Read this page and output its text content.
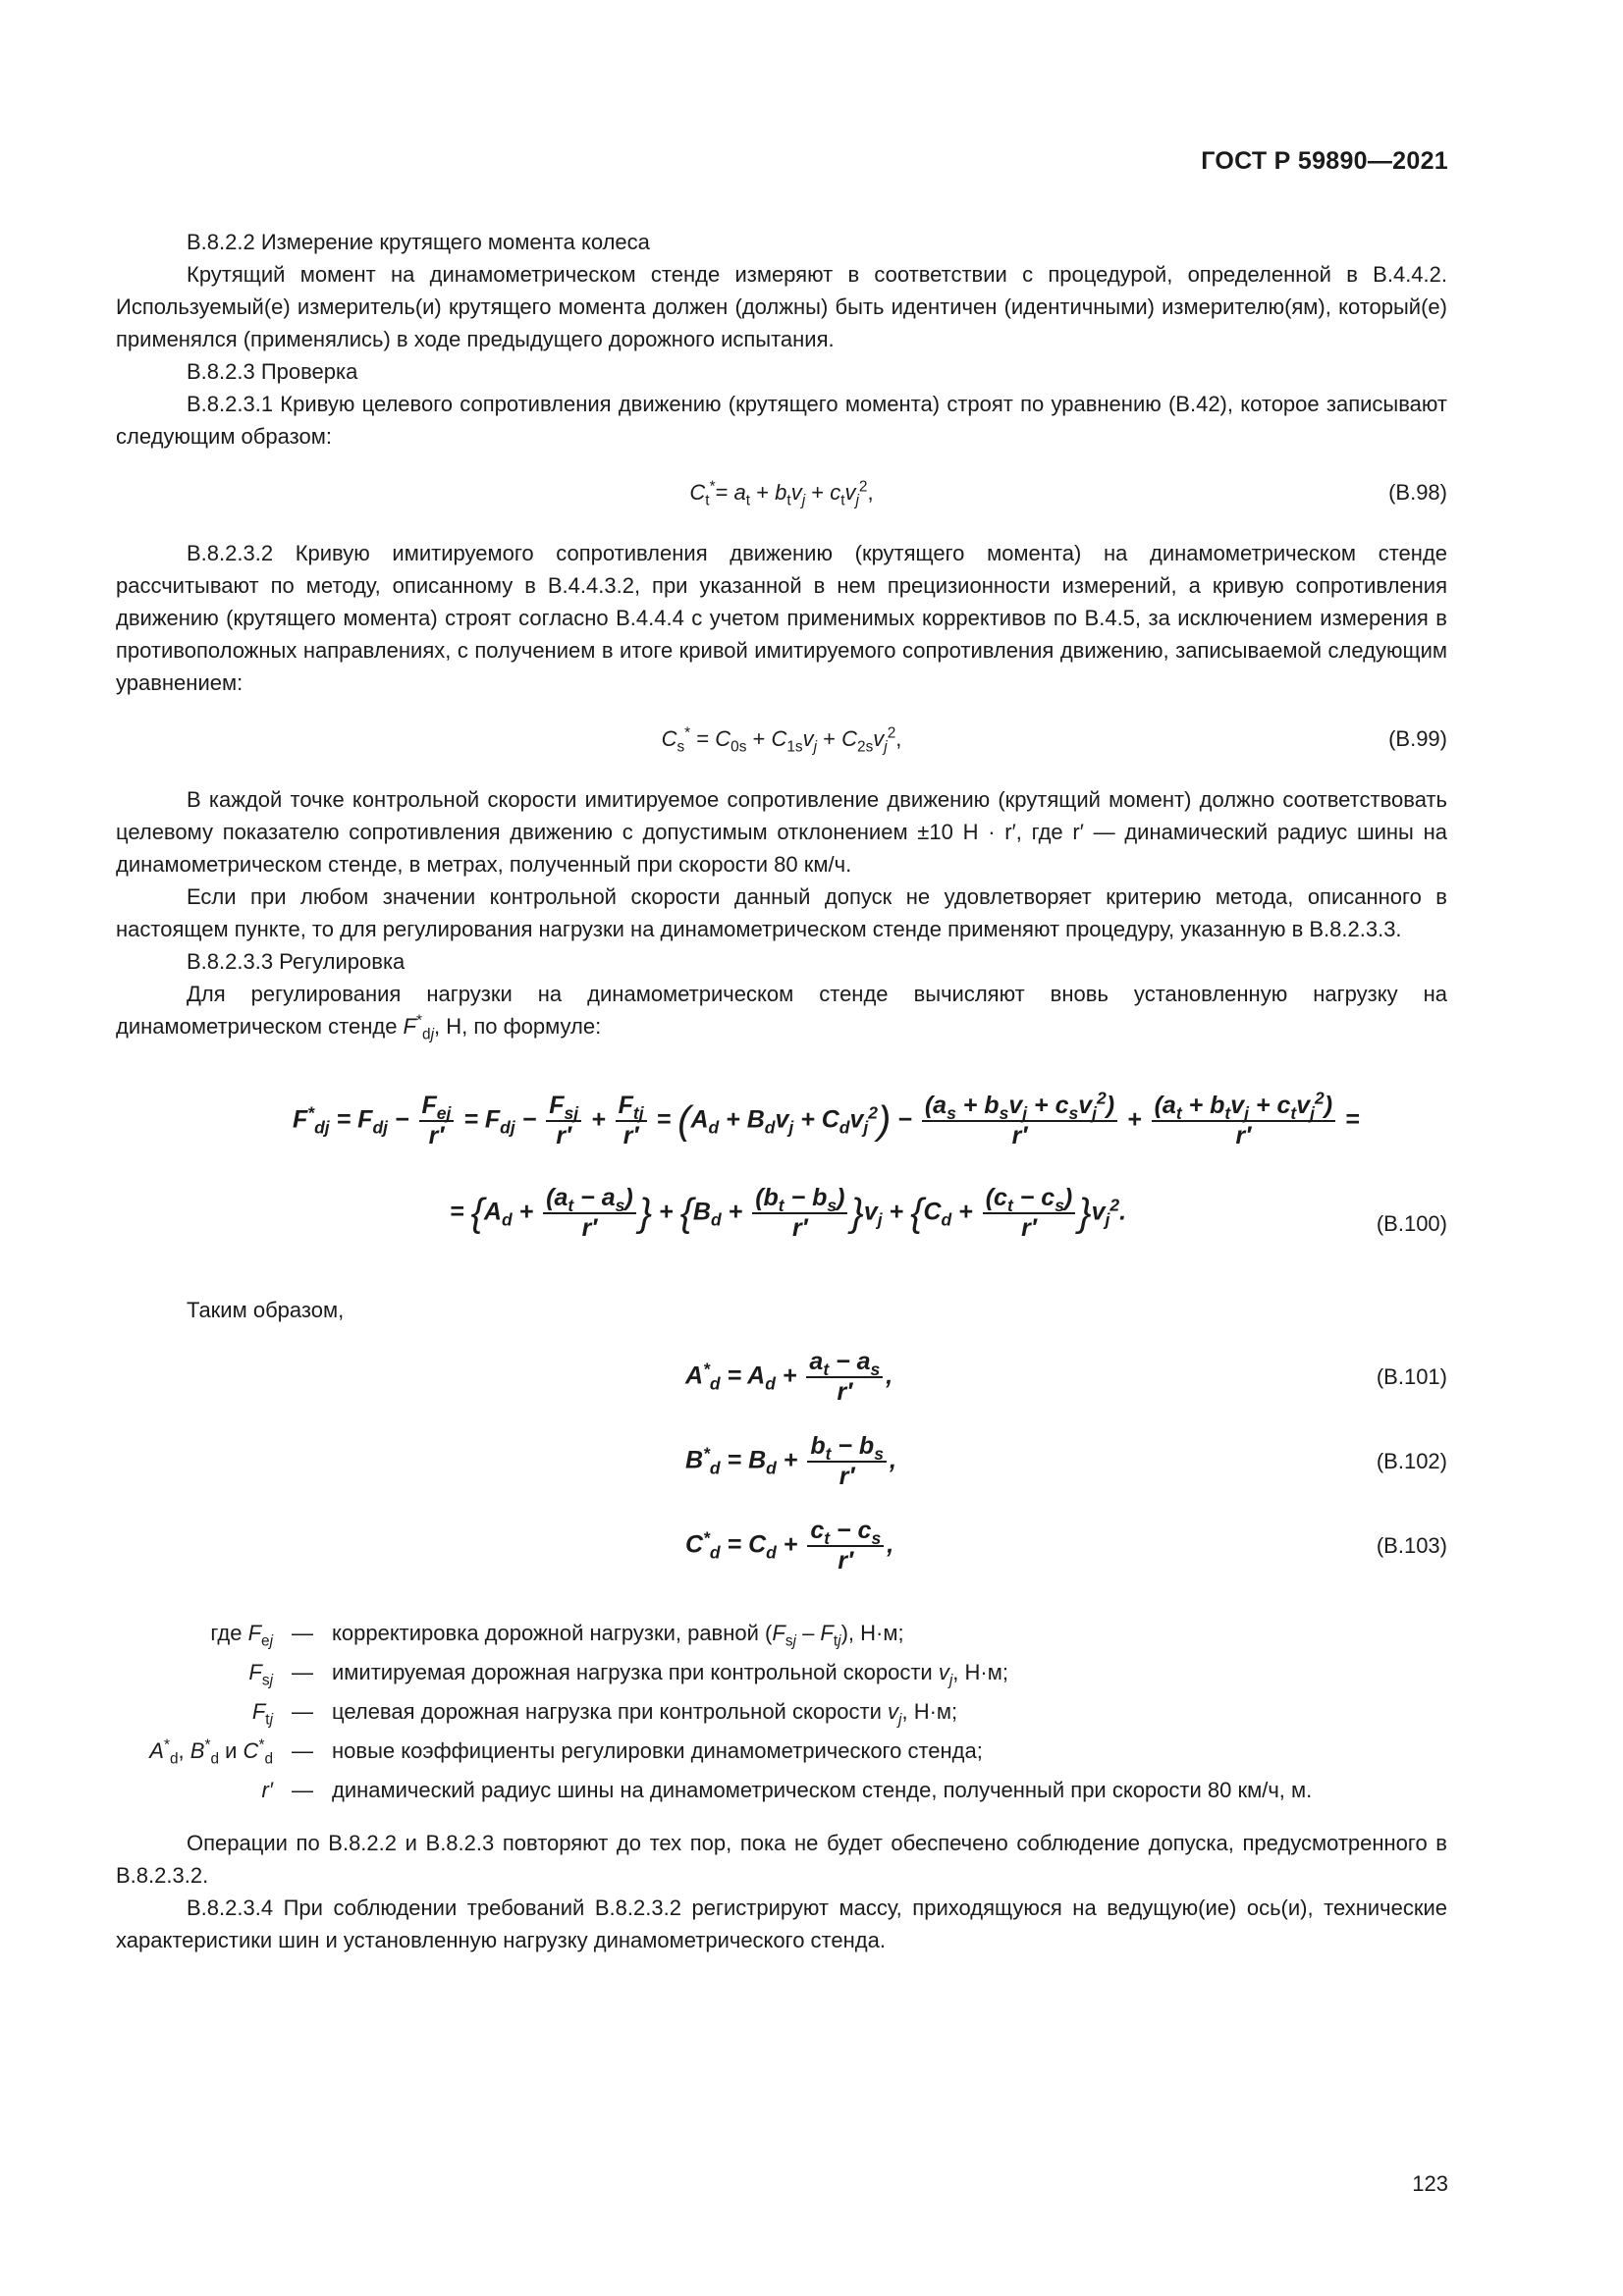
ГОСТ Р 59890—2021

В.8.2.2 Измерение крутящего момента колеса

Крутящий момент на динамометрическом стенде измеряют в соответствии с процедурой, определенной в В.4.4.2. Используемый(е) измеритель(и) крутящего момента должен (должны) быть идентичен (идентичными) измерителю(ям), который(е) применялся (применялись) в ходе предыдущего дорожного испытания.

В.8.2.3 Проверка

В.8.2.3.1 Кривую целевого сопротивления движению (крутящего момента) строят по уравнению (В.42), которое записывают следующим образом:

$C_t^*= a_t + b_tv_j + c_tv_j^2$,	(В.98)

В.8.2.3.2 Кривую имитируемого сопротивления движению (крутящего момента) на динамометрическом стенде рассчитывают по методу, описанному в В.4.4.3.2, при указанной в нем прецизионности измерений, а кривую сопротивления движению (крутящего момента) строят согласно В.4.4.4 с учетом применимых коррективов по В.4.5, за исключением измерения в противоположных направлениях, с получением в итоге кривой имитируемого сопротивления движению, записываемой следующим уравнением:

$C_s^* = C_{0s} + C_{1s}v_j + C_{2s}v_j^2$,	(В.99)

В каждой точке контрольной скорости имитируемое сопротивление движению (крутящий момент) должно соответствовать целевому показателю сопротивления движению с допустимым отклонением ±10 Н · r′, где r′ — динамический радиус шины на динамометрическом стенде, в метрах, полученный при скорости 80 км/ч.

Если при любом значении контрольной скорости данный допуск не удовлетворяет критерию метода, описанного в настоящем пункте, то для регулирования нагрузки на динамометрическом стенде применяют процедуру, указанную в В.8.2.3.3.

В.8.2.3.3 Регулировка

Для регулирования нагрузки на динамометрическом стенде вычисляют вновь установленную нагрузку на динамометрическом стенде $F^*_{dj}$, Н, по формуле:

$F^*_{dj} = F_{dj} - \frac{F_{ej}}{r'} = F_{dj} - \frac{F_{sj}}{r'} + \frac{F_{tj}}{r'} = (A_d + B_dv_j + C_dv_j^2) - \frac{(a_s + b_sv_j + c_sv_j^2)}{r'} + \frac{(a_t + b_tv_j + c_tv_j^2)}{r'}$ =
= {$A_d + \frac{(a_t - a_s)}{r'}$ } + $\{B_d + \frac{(b_t - b_s)}{r'} \}v_j + \{C_d + \frac{(c_t - c_s)}{r'} \}v_j^2$.	(В.100)

Таким образом,

$A^*_d = A_d + \frac{a_t - a_s}{r'}$ ,	(В.101)
$B^*_d = B_d + \frac{b_t - b_s}{r'}$ ,	(В.102)
$C^*_d = C_d + \frac{c_t - c_s}{r'}$ ,	(В.103)
где $F_{ej}$ — корректировка дорожной нагрузки, равной $(F_{sj} - F_{tj})$, Н·м;
$F_{sj}$ — имитируемая дорожная нагрузка при контрольной скорости $v_j$, Н·м;
$F_{tj}$ — целевая дорожная нагрузка при контрольной скорости $v_j$, Н·м;
$A^*_d$, $B^*_d$ и $C^*_d$ — новые коэффициенты регулировки динамометрического стенда;
r′ — динамический радиус шины на динамометрическом стенде, полученный при скорости 80 км/ч, м.

Операции по В.8.2.2 и В.8.2.3 повторяют до тех пор, пока не будет обеспечено соблюдение допуска, предусмотренного в В.8.2.3.2.

В.8.2.3.4 При соблюдении требований В.8.2.3.2 регистрируют массу, приходящуюся на ведущую(ие) ось(и), технические характеристики шин и установленную нагрузку динамометрического стенда.

123
